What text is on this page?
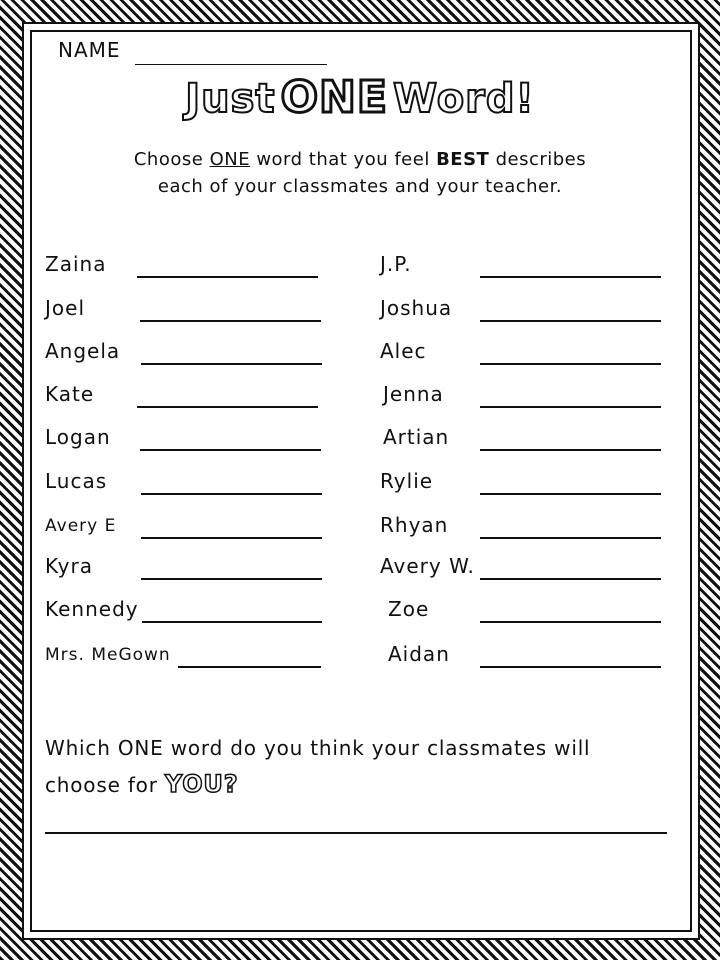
NAME
Just ONE Word!
Choose ONE word that you feel BEST describes
each of your classmates and your teacher.
Zaina
Joel
Angela
Kate
Logan
Lucas
Avery E
Kyra
Kennedy
Mrs. MeGown
J.P.
Joshua
Alec
Jenna
Artian
Rylie
Rhyan
Avery W.
Zoe
Aidan
Which ONE word do you think your classmates will
choose for YOU?
